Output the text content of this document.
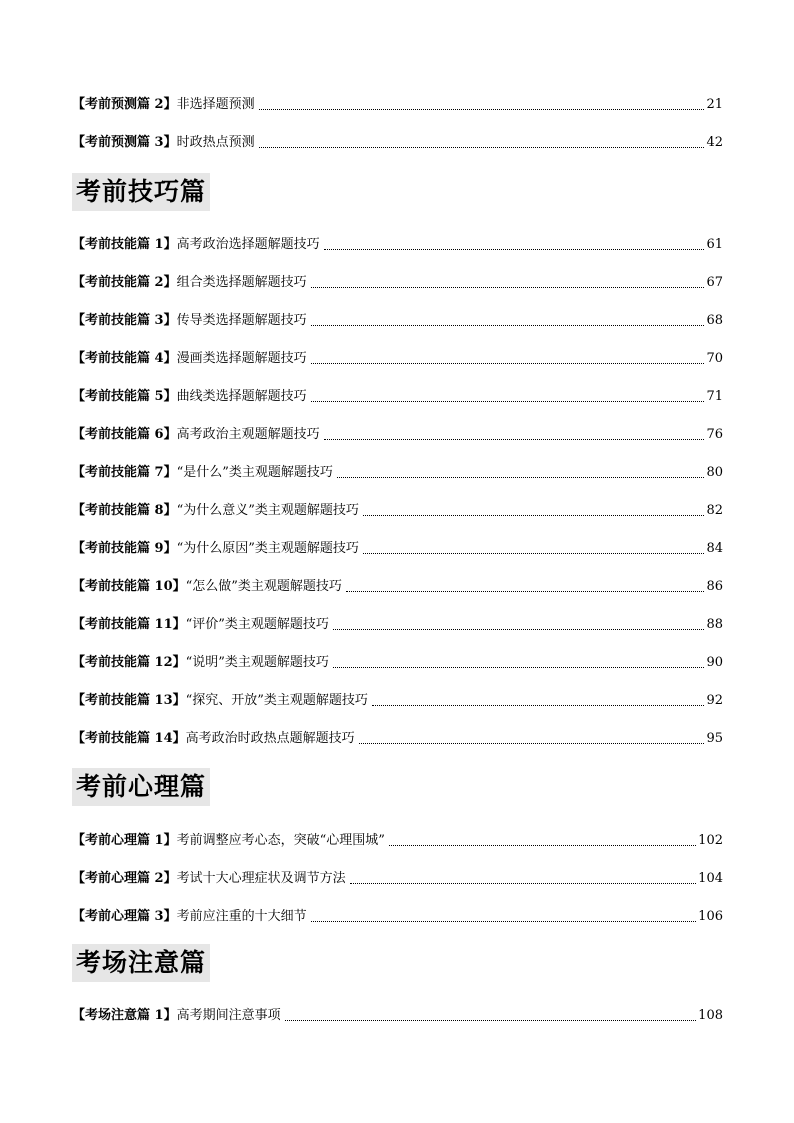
【考前预测篇 2】非选择题预测	21
【考前预测篇 3】时政热点预测	42
考前技巧篇
【考前技能篇 1】高考政治选择题解题技巧	61
【考前技能篇 2】组合类选择题解题技巧	67
【考前技能篇 3】传导类选择题解题技巧	68
【考前技能篇 4】漫画类选择题解题技巧	70
【考前技能篇 5】曲线类选择题解题技巧	71
【考前技能篇 6】高考政治主观题解题技巧	76
【考前技能篇 7】“是什么”类主观题解题技巧	80
【考前技能篇 8】“为什么意义”类主观题解题技巧	82
【考前技能篇 9】“为什么原因”类主观题解题技巧	84
【考前技能篇 10】“怎么做”类主观题解题技巧	86
【考前技能篇 11】“评价”类主观题解题技巧	88
【考前技能篇 12】“说明”类主观题解题技巧	90
【考前技能篇 13】“探究、开放”类主观题解题技巧	92
【考前技能篇 14】高考政治时政热点题解题技巧	95
考前心理篇
【考前心理篇 1】考前调整应考心态，突破“心理围城”	102
【考前心理篇 2】考试十大心理症状及调节方法	104
【考前心理篇 3】考前应注重的十大细节	106
考场注意篇
【考场注意篇 1】高考期间注意事项	108
